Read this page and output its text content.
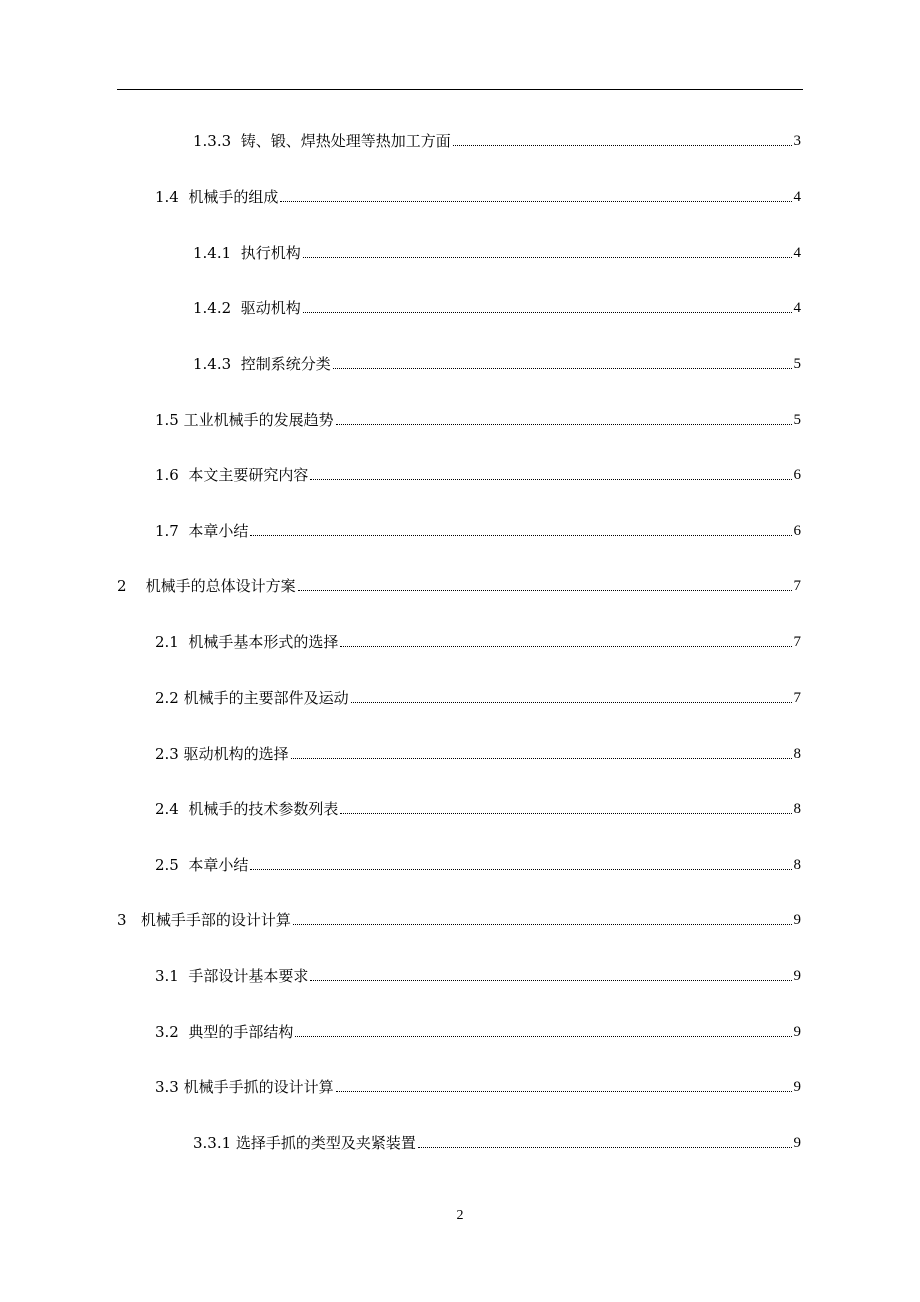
1.3.3  铸、锻、焊热处理等热加工方面	3
1.4  机械手的组成	4
1.4.1  执行机构	4
1.4.2  驱动机构	4
1.4.3  控制系统分类	5
1.5 工业机械手的发展趋势	5
1.6  本文主要研究内容	6
1.7  本章小结	6
2    机械手的总体设计方案	7
2.1  机械手基本形式的选择	7
2.2 机械手的主要部件及运动	7
2.3 驱动机构的选择	8
2.4  机械手的技术参数列表	8
2.5  本章小结	8
3   机械手手部的设计计算	9
3.1  手部设计基本要求	9
3.2  典型的手部结构	9
3.3 机械手手抓的设计计算	9
3.3.1 选择手抓的类型及夹紧装置	9
2
